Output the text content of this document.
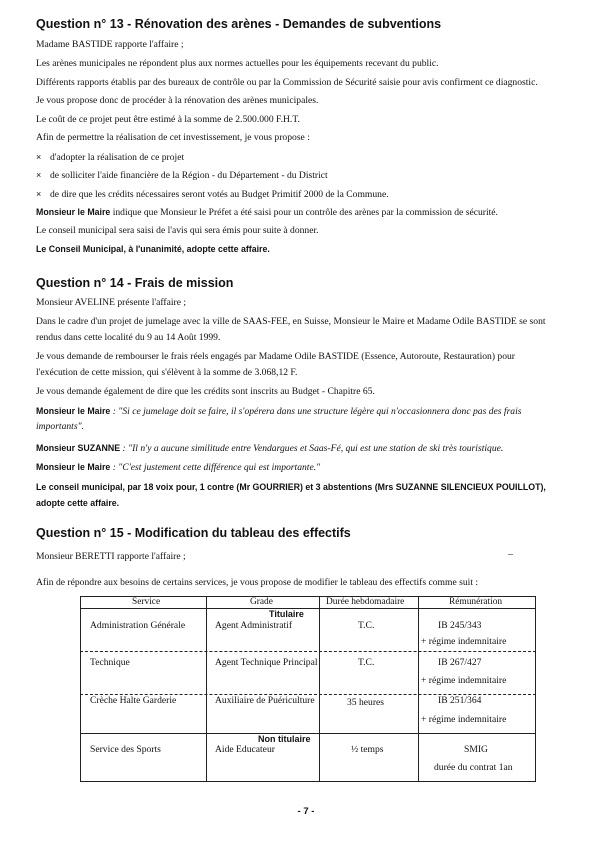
Question n° 13 - Rénovation des arènes - Demandes de subventions

Madame BASTIDE rapporte l'affaire ;

Les arènes municipales ne répondent plus aux normes actuelles pour les équipements recevant du public.

Différents rapports établis par des bureaux de contrôle ou par la Commission de Sécurité saisie pour avis confirment ce diagnostic.

Je vous propose donc de procéder à la rénovation des arènes municipales.

Le coût de ce projet peut être estimé à la somme de 2.500.000 F.H.T.

Afin de permettre la réalisation de cet investissement, je vous propose :

× d'adopter la réalisation de ce projet

× de solliciter l'aide financière de la Région - du Département - du District

× de dire que les crédits nécessaires seront votés au Budget Primitif 2000 de la Commune.

Monsieur le Maire indique que Monsieur le Préfet a été saisi pour un contrôle des arènes par la commission de sécurité.

Le conseil municipal sera saisi de l'avis qui sera émis pour suite à donner.

Le Conseil Municipal, à l'unanimité, adopte cette affaire.

Question n° 14 - Frais de mission

Monsieur AVELINE présente l'affaire ;

Dans le cadre d'un projet de jumelage avec la ville de SAAS-FEE, en Suisse, Monsieur le Maire et Madame Odile BASTIDE se sont

rendus dans cette localité du 9 au 14 Août 1999.

Je vous demande de rembourser le frais réels engagés par Madame Odile BASTIDE (Essence, Autoroute, Restauration) pour

l'exécution de cette mission, qui s'élèvent à la somme de 3.068,12 F.

Je vous demande également de dire que les crédits sont inscrits au Budget - Chapitre 65.

Monsieur le Maire : "Si ce jumelage doit se faire, il s'opérera dans une structure légère qui n'occasionnera donc pas des frais

importants".

Monsieur SUZANNE : "Il n'y a aucune similitude entre Vendargues et Saas-Fé, qui est une station de ski très touristique.

Monsieur le Maire : "C'est justement cette différence qui est importante."

Le conseil municipal, par 18 voix pour, 1 contre (Mr GOURRIER) et 3 abstentions (Mrs SUZANNE SILENCIEUX POUILLOT),

adopte cette affaire.

Question n° 15 - Modification du tableau des effectifs

Monsieur BERETTI rapporte l'affaire ;	–

Afin de répondre aux besoins de certains services, je vous propose de modifier le tableau des effectifs comme suit :

Service	Grade	Durée hebdomadaire	Rémunération
Titulaire
Administration Générale	Agent Administratif	T.C.	IB 245/343
+ régime indemnitaire
Technique	Agent Technique Principal	T.C.	IB 267/427
+ régime indemnitaire
Crèche Halte Garderie	Auxiliaire de Puériculture	35 heures	IB 251/364
+ régime indemnitaire
Non titulaire
Service des Sports	Aide Educateur	½ temps	SMIG
durée du contrat 1an
- 7 -
